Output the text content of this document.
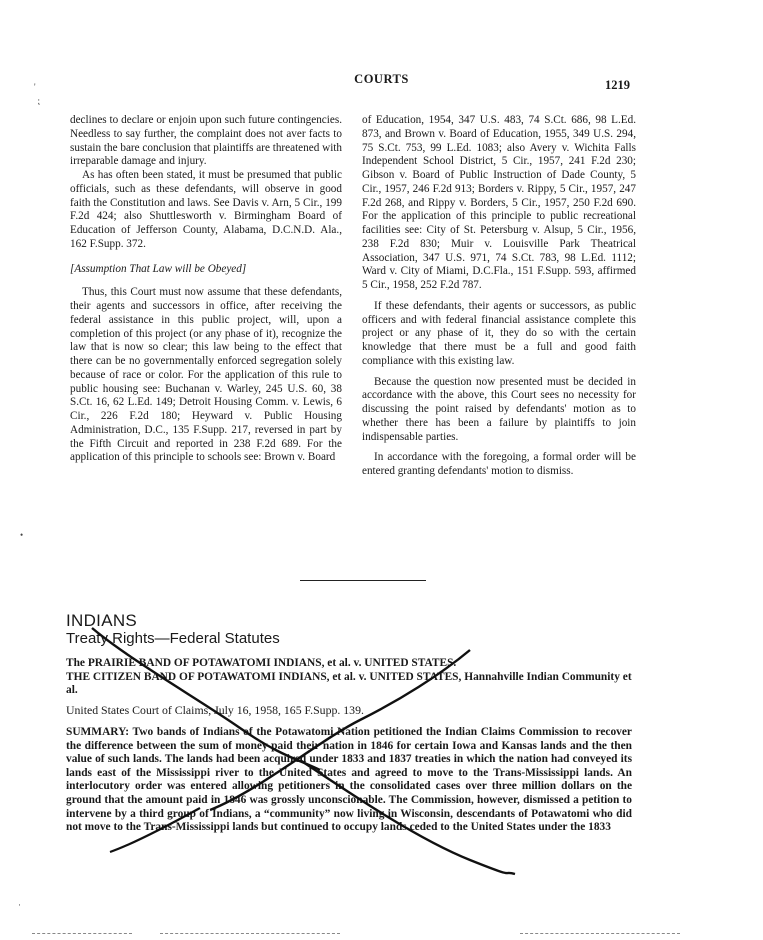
COURTS	1219

declines to declare or enjoin upon such future contingencies. Needless to say further, the complaint does not aver facts to sustain the bare conclusion that plaintiffs are threatened with irreparable damage and injury.

As has often been stated, it must be presumed that public officials, such as these defendants, will observe in good faith the Constitution and laws. See Davis v. Arn, 5 Cir., 199 F.2d 424; also Shuttlesworth v. Birmingham Board of Education of Jefferson County, Alabama, D.C.N.D. Ala., 162 F.Supp. 372.

[Assumption That Law will be Obeyed]

Thus, this Court must now assume that these defendants, their agents and successors in office, after receiving the federal assistance in this public project, will, upon a completion of this project (or any phase of it), recognize the law that is now so clear; this law being to the effect that there can be no governmentally enforced segregation solely because of race or color. For the application of this rule to public housing see: Buchanan v. Warley, 245 U.S. 60, 38 S.Ct. 16, 62 L.Ed. 149; Detroit Housing Comm. v. Lewis, 6 Cir., 226 F.2d 180; Heyward v. Public Housing Administration, D.C., 135 F.Supp. 217, reversed in part by the Fifth Circuit and reported in 238 F.2d 689. For the application of this principle to schools see: Brown v. Board

of Education, 1954, 347 U.S. 483, 74 S.Ct. 686, 98 L.Ed. 873, and Brown v. Board of Education, 1955, 349 U.S. 294, 75 S.Ct. 753, 99 L.Ed. 1083; also Avery v. Wichita Falls Independent School District, 5 Cir., 1957, 241 F.2d 230; Gibson v. Board of Public Instruction of Dade County, 5 Cir., 1957, 246 F.2d 913; Borders v. Rippy, 5 Cir., 1957, 247 F.2d 268, and Rippy v. Borders, 5 Cir., 1957, 250 F.2d 690. For the application of this principle to public recreational facilities see: City of St. Petersburg v. Alsup, 5 Cir., 1956, 238 F.2d 830; Muir v. Louisville Park Theatrical Association, 347 U.S. 971, 74 S.Ct. 783, 98 L.Ed. 1112; Ward v. City of Miami, D.C.Fla., 151 F.Supp. 593, affirmed 5 Cir., 1958, 252 F.2d 787.

If these defendants, their agents or successors, as public officers and with federal financial assistance complete this project or any phase of it, they do so with the certain knowledge that there must be a full and good faith compliance with this existing law.

Because the question now presented must be decided in accordance with the above, this Court sees no necessity for discussing the point raised by defendants' motion as to whether there has been a failure by plaintiffs to join indispensable parties.

In accordance with the foregoing, a formal order will be entered granting defendants' motion to dismiss.

INDIANS
Treaty Rights—Federal Statutes

The PRAIRIE BAND OF POTAWATOMI INDIANS, et al. v. UNITED STATES.

THE CITIZEN BAND OF POTAWATOMI INDIANS, et al. v. UNITED STATES, Hannahville Indian Community et al.

United States Court of Claims, July 16, 1958, 165 F.Supp. 139.

SUMMARY: Two bands of Indians of the Potawatomi Nation petitioned the Indian Claims Commission to recover the difference between the sum of money paid their nation in 1846 for certain Iowa and Kansas lands and the then value of such lands. The lands had been acquired under 1833 and 1837 treaties in which the nation had conveyed its lands east of the Mississippi river to the United States and agreed to move to the Trans-Mississippi lands. An interlocutory order was entered allowing petitioners in the consolidated cases over three million dollars on the ground that the amount paid in 1846 was grossly unconscionable. The Commission, however, dismissed a petition to intervene by a third group of Indians, a “community” now living in Wisconsin, descendants of Potawatomi who did not move to the Trans-Mississippi lands but continued to occupy lands ceded to the United States under the 1833

'
⁏
•
·
